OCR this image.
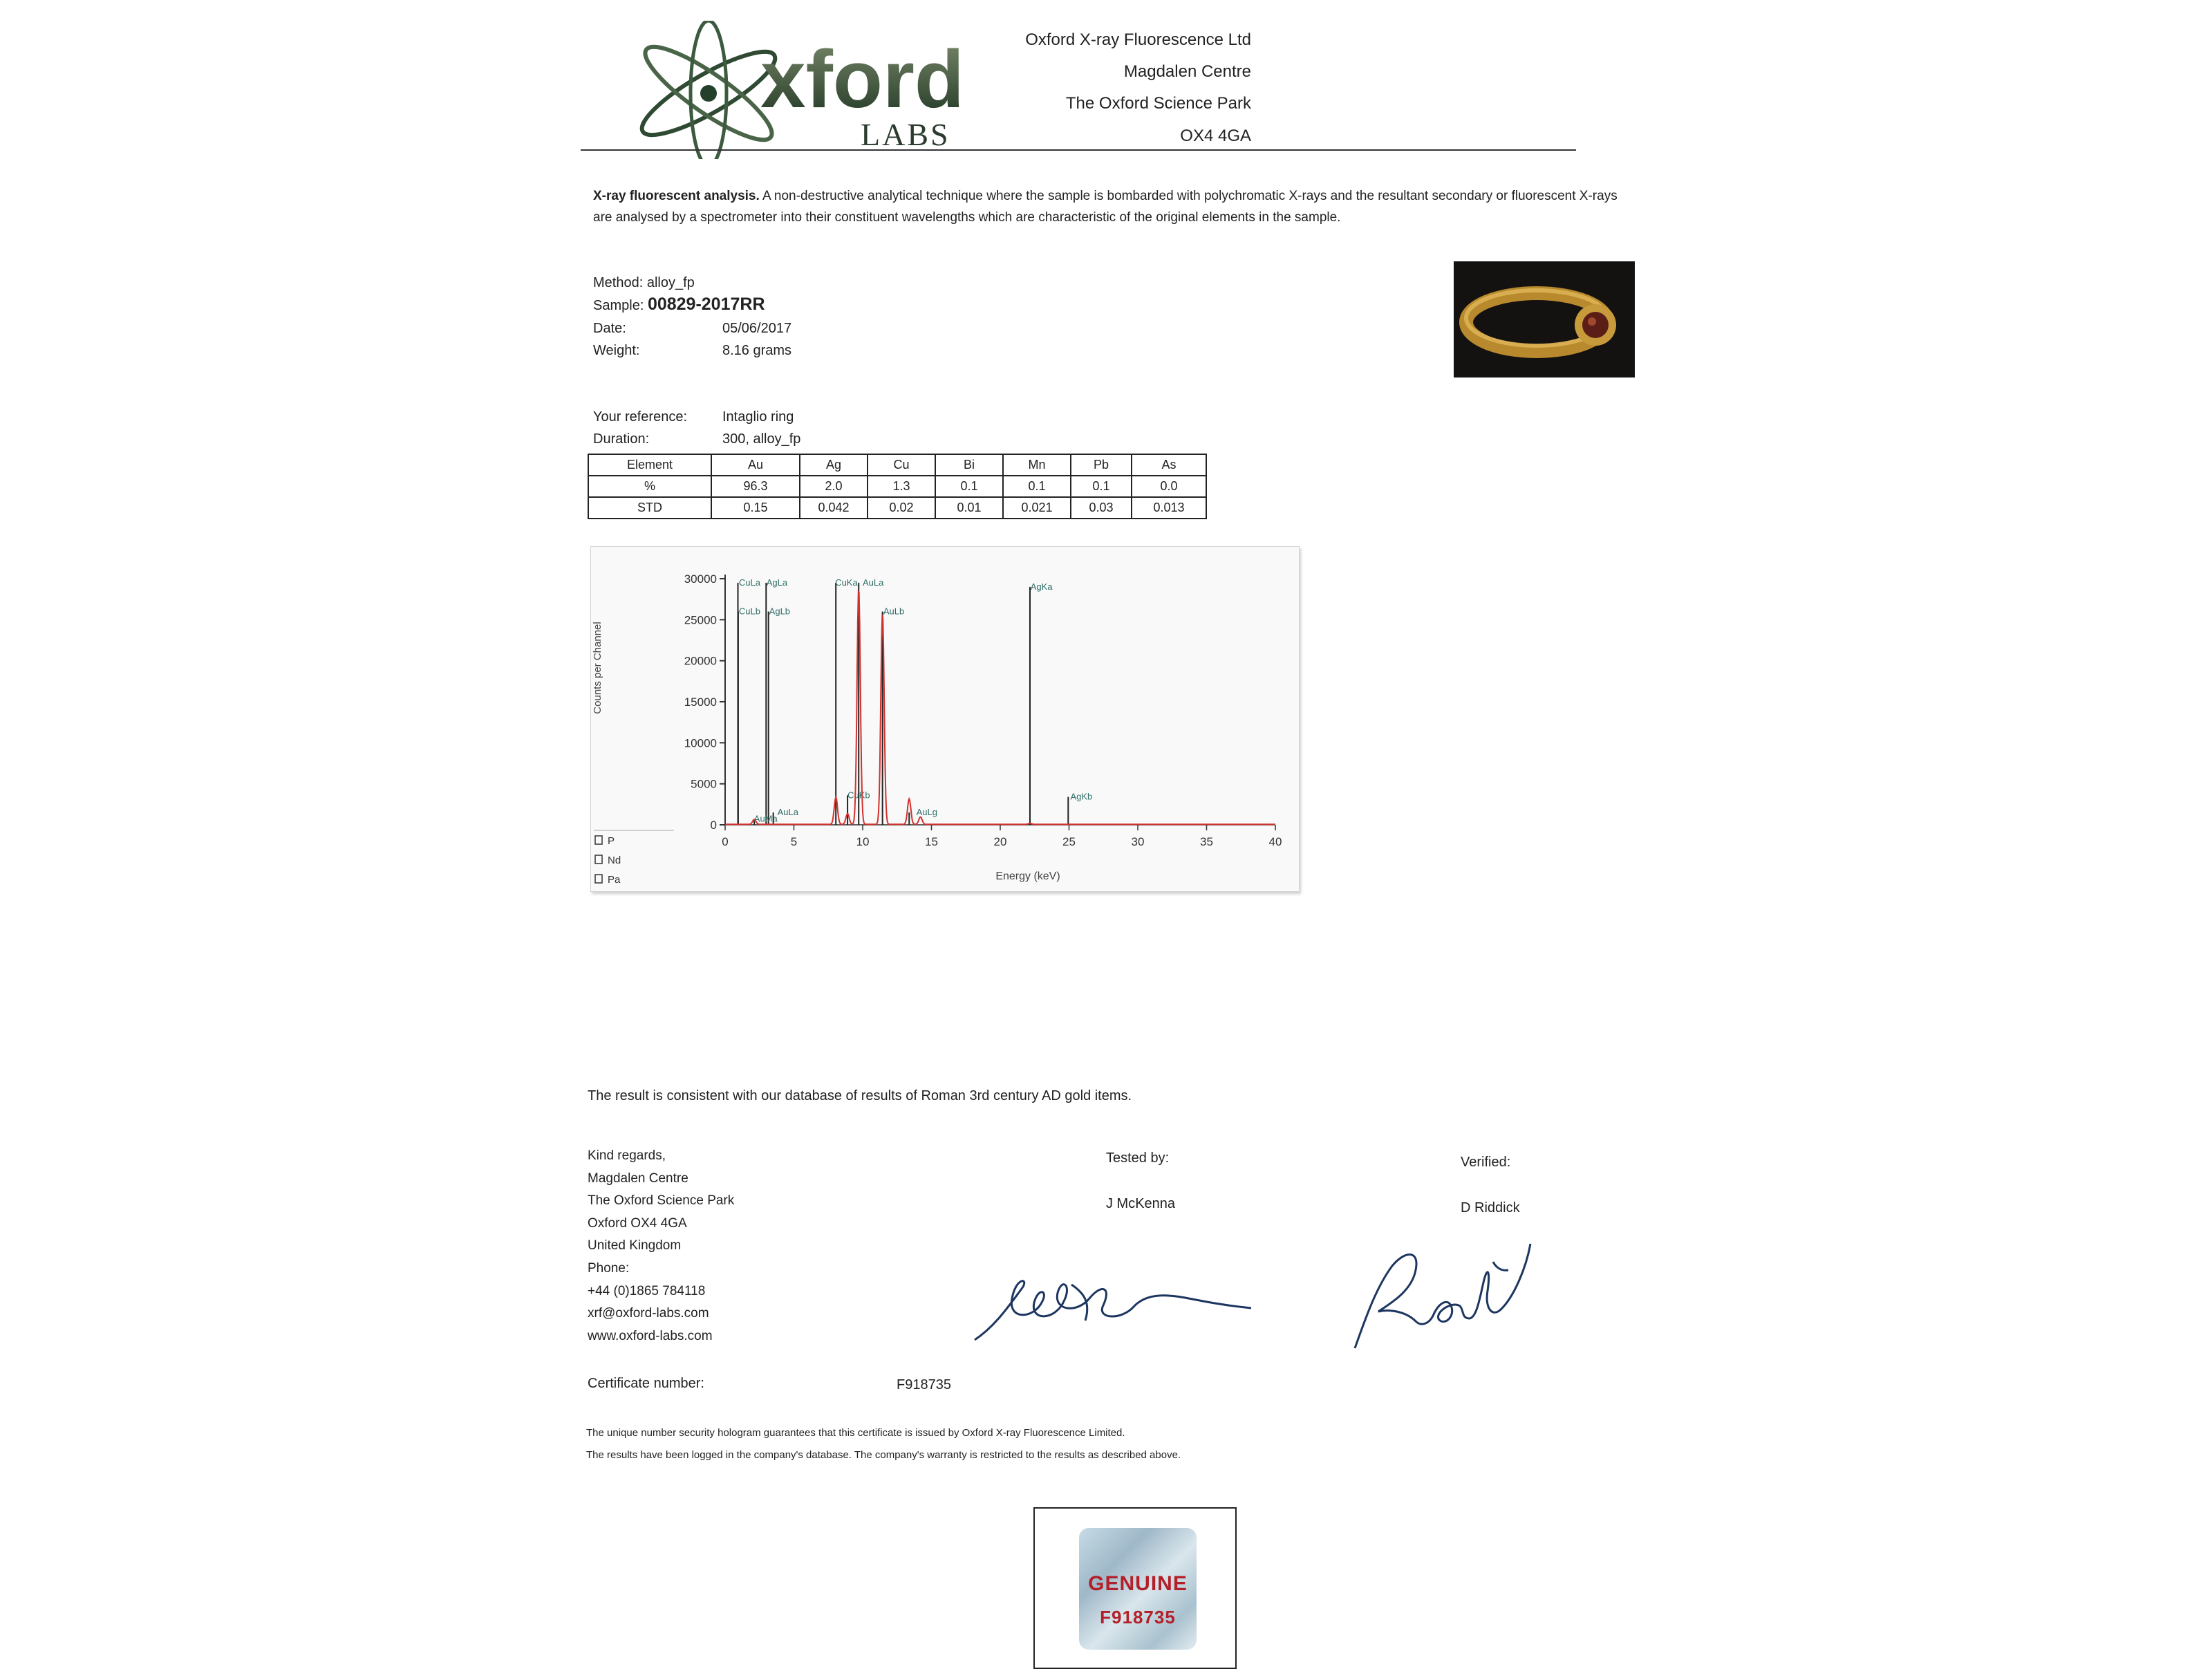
xford
LABS
Oxford X-ray Fluorescence Ltd
Magdalen Centre
The Oxford Science Park
OX4 4GA
X-ray fluorescent analysis. A non-destructive analytical technique where the sample is bombarded with polychromatic X-rays and the resultant secondary or fluorescent X-rays are analysed by a spectrometer into their constituent wavelengths which are characteristic of the original elements in the sample.
Method: alloy_fp
Sample: 00829-2017RR
Date:	05/06/2017
Weight:	8.16 grams
Your reference:	Intaglio ring
Duration:	300, alloy_fp
Element	Au	Ag	Cu	Bi	Mn	Pb	As
%	96.3	2.0	1.3	0.1	0.1	0.1	0.0
STD	0.15	0.042	0.02	0.01	0.021	0.03	0.013
0
5000
10000
15000
20000
25000
30000
0	5	10	15	20	25	30	35	40
CuLa
CuLb
AgLa
AgLb
AuMa
AuLa
CuKa
AuLb
CuKb
AuLg
AuLa
AgKa
AgKb
P
Nd
Pa
Counts per Channel
Energy (keV)
The result is consistent with our database of results of Roman 3rd century AD gold items.
Kind regards,
Magdalen Centre
The Oxford Science Park
Oxford OX4 4GA
United Kingdom
Phone:
+44 (0)1865 784118
xrf@oxford-labs.com
www.oxford-labs.com
Tested by:
J McKenna
Verified:
D Riddick
Certificate number:	F918735
The unique number security hologram guarantees that this certificate is issued by Oxford X-ray Fluorescence Limited.
The results have been logged in the company's database. The company's warranty is restricted to the results as described above.
GENUINE
F918735
